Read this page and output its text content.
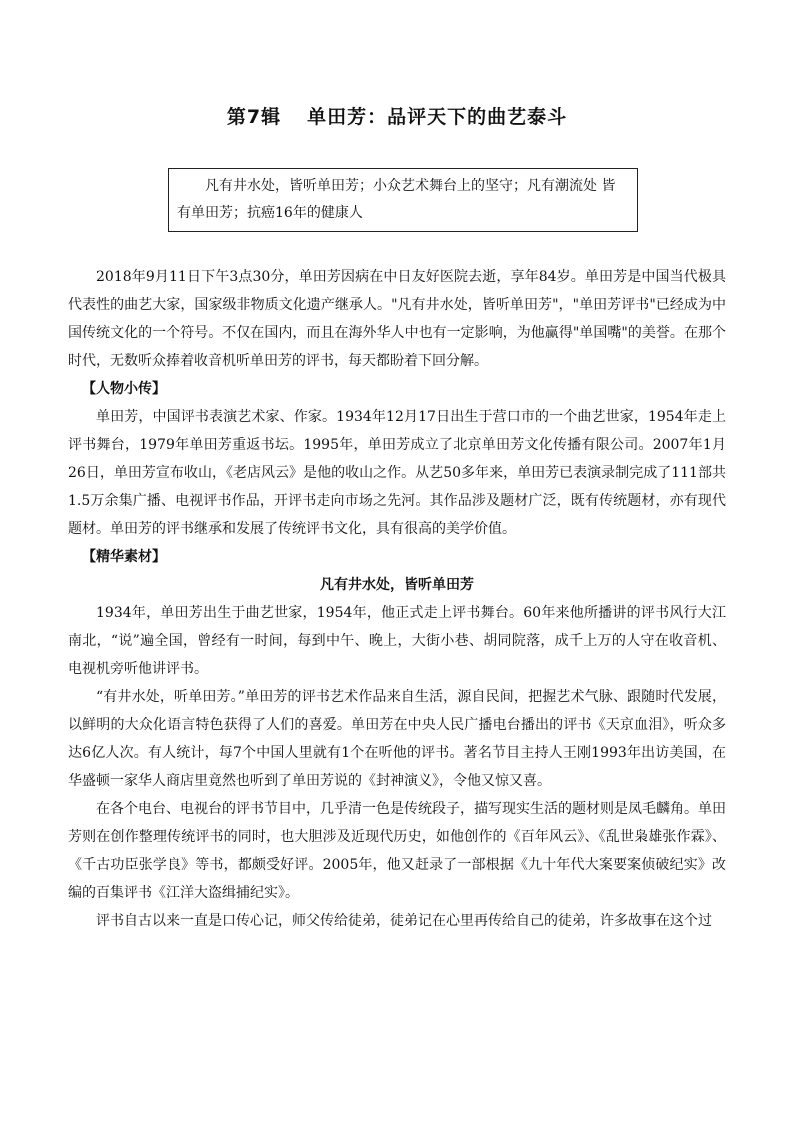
第7辑 单田芳：品评天下的曲艺泰斗
凡有井水处，皆听单田芳；小众艺术舞台上的坚守；凡有潮流处 皆有单田芳；抗癌16年的健康人

2018年9月11日下午3点30分，单田芳因病在中日友好医院去逝，享年84岁。单田芳是中国当代极具代表性的曲艺大家，国家级非物质文化遗产继承人。"凡有井水处，皆听单田芳"，"单田芳评书"已经成为中国传统文化的一个符号。不仅在国内，而且在海外华人中也有一定影响，为他赢得"单国嘴"的美誉。在那个时代，无数听众捧着收音机听单田芳的评书，每天都盼着下回分解。

【人物小传】

单田芳，中国评书表演艺术家、作家。1934年12月17日出生于营口市的一个曲艺世家，1954年走上评书舞台，1979年单田芳重返书坛。1995年，单田芳成立了北京单田芳文化传播有限公司。2007年1月26日，单田芳宣布收山，《老店风云》是他的收山之作。从艺50多年来，单田芳已表演录制完成了111部共1.5万余集广播、电视评书作品，开评书走向市场之先河。其作品涉及题材广泛，既有传统题材，亦有现代题材。单田芳的评书继承和发展了传统评书文化，具有很高的美学价值。

【精华素材】
凡有井水处，皆听单田芳

1934年，单田芳出生于曲艺世家，1954年，他正式走上评书舞台。60年来他所播讲的评书风行大江南北，“说”遍全国，曾经有一时间，每到中午、晚上，大街小巷、胡同院落，成千上万的人守在收音机、电视机旁听他讲评书。

“有井水处，听单田芳。”单田芳的评书艺术作品来自生活，源自民间，把握艺术气脉、跟随时代发展，以鲜明的大众化语言特色获得了人们的喜爱。单田芳在中央人民广播电台播出的评书《天京血泪》，听众多达6亿人次。有人统计，每7个中国人里就有1个在听他的评书。著名节目主持人王刚1993年出访美国，在华盛顿一家华人商店里竟然也听到了单田芳说的《封神演义》，令他又惊又喜。

在各个电台、电视台的评书节目中，几乎清一色是传统段子，描写现实生活的题材则是凤毛麟角。单田芳则在创作整理传统评书的同时，也大胆涉及近现代历史，如他创作的《百年风云》、《乱世枭雄张作霖》、《千古功臣张学良》等书，都颇受好评。2005年，他又赶录了一部根据《九十年代大案要案侦破纪实》改编的百集评书《江洋大盗缉捕纪实》。

评书自古以来一直是口传心记，师父传给徒弟，徒弟记在心里再传给自己的徒弟，许多故事在这个过
